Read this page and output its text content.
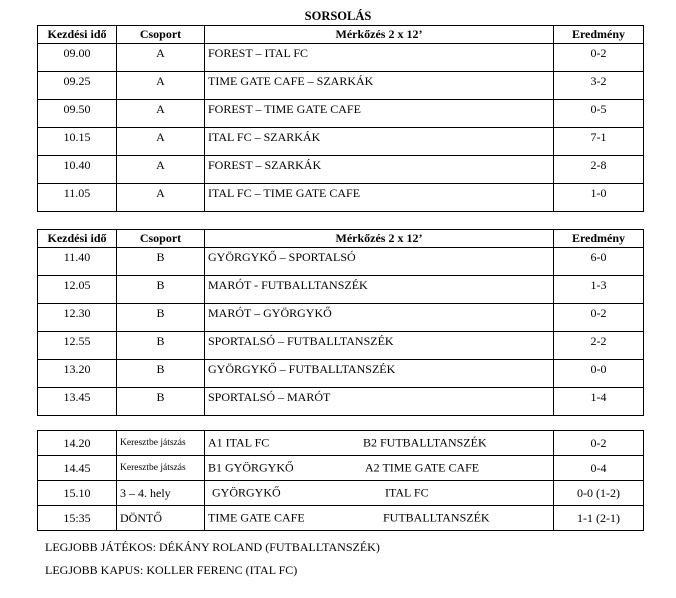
SORSOLÁS
Kezdési idő	Csoport	Mérkőzés 2 x 12’	Eredmény
09.00	A	FOREST – ITAL FC	0-2
09.25	A	TIME GATE CAFE – SZARKÁK	3-2
09.50	A	FOREST – TIME GATE CAFE	0-5
10.15	A	ITAL FC – SZARKÁK	7-1
10.40	A	FOREST – SZARKÁK	2-8
11.05	A	ITAL FC – TIME GATE CAFE	1-0
Kezdési idő	Csoport	Mérkőzés 2 x 12’	Eredmény
11.40	B	GYÖRGYKŐ – SPORTALSÓ	6-0
12.05	B	MARÓT - FUTBALLTANSZÉK	1-3
12.30	B	MARÓT – GYÖRGYKŐ	0-2
12.55	B	SPORTALSÓ – FUTBALLTANSZÉK	2-2
13.20	B	GYÖRGYKŐ – FUTBALLTANSZÉK	0-0
13.45	B	SPORTALSÓ – MARÓT	1-4
14.20	Keresztbe játszás	A1 ITAL FC B2 FUTBALLTANSZÉK	0-2
14.45	Keresztbe játszás	B1 GYÖRGYKŐ A2 TIME GATE CAFE	0-4
15.10	3 – 4. hely	GYÖRGYKŐ ITAL FC	0-0 (1-2)
15:35	DÖNTŐ	TIME GATE CAFE FUTBALLTANSZÉK	1-1 (2-1)
LEGJOBB JÁTÉKOS: DÉKÁNY ROLAND (FUTBALLTANSZÉK)
LEGJOBB KAPUS: KOLLER FERENC (ITAL FC)
